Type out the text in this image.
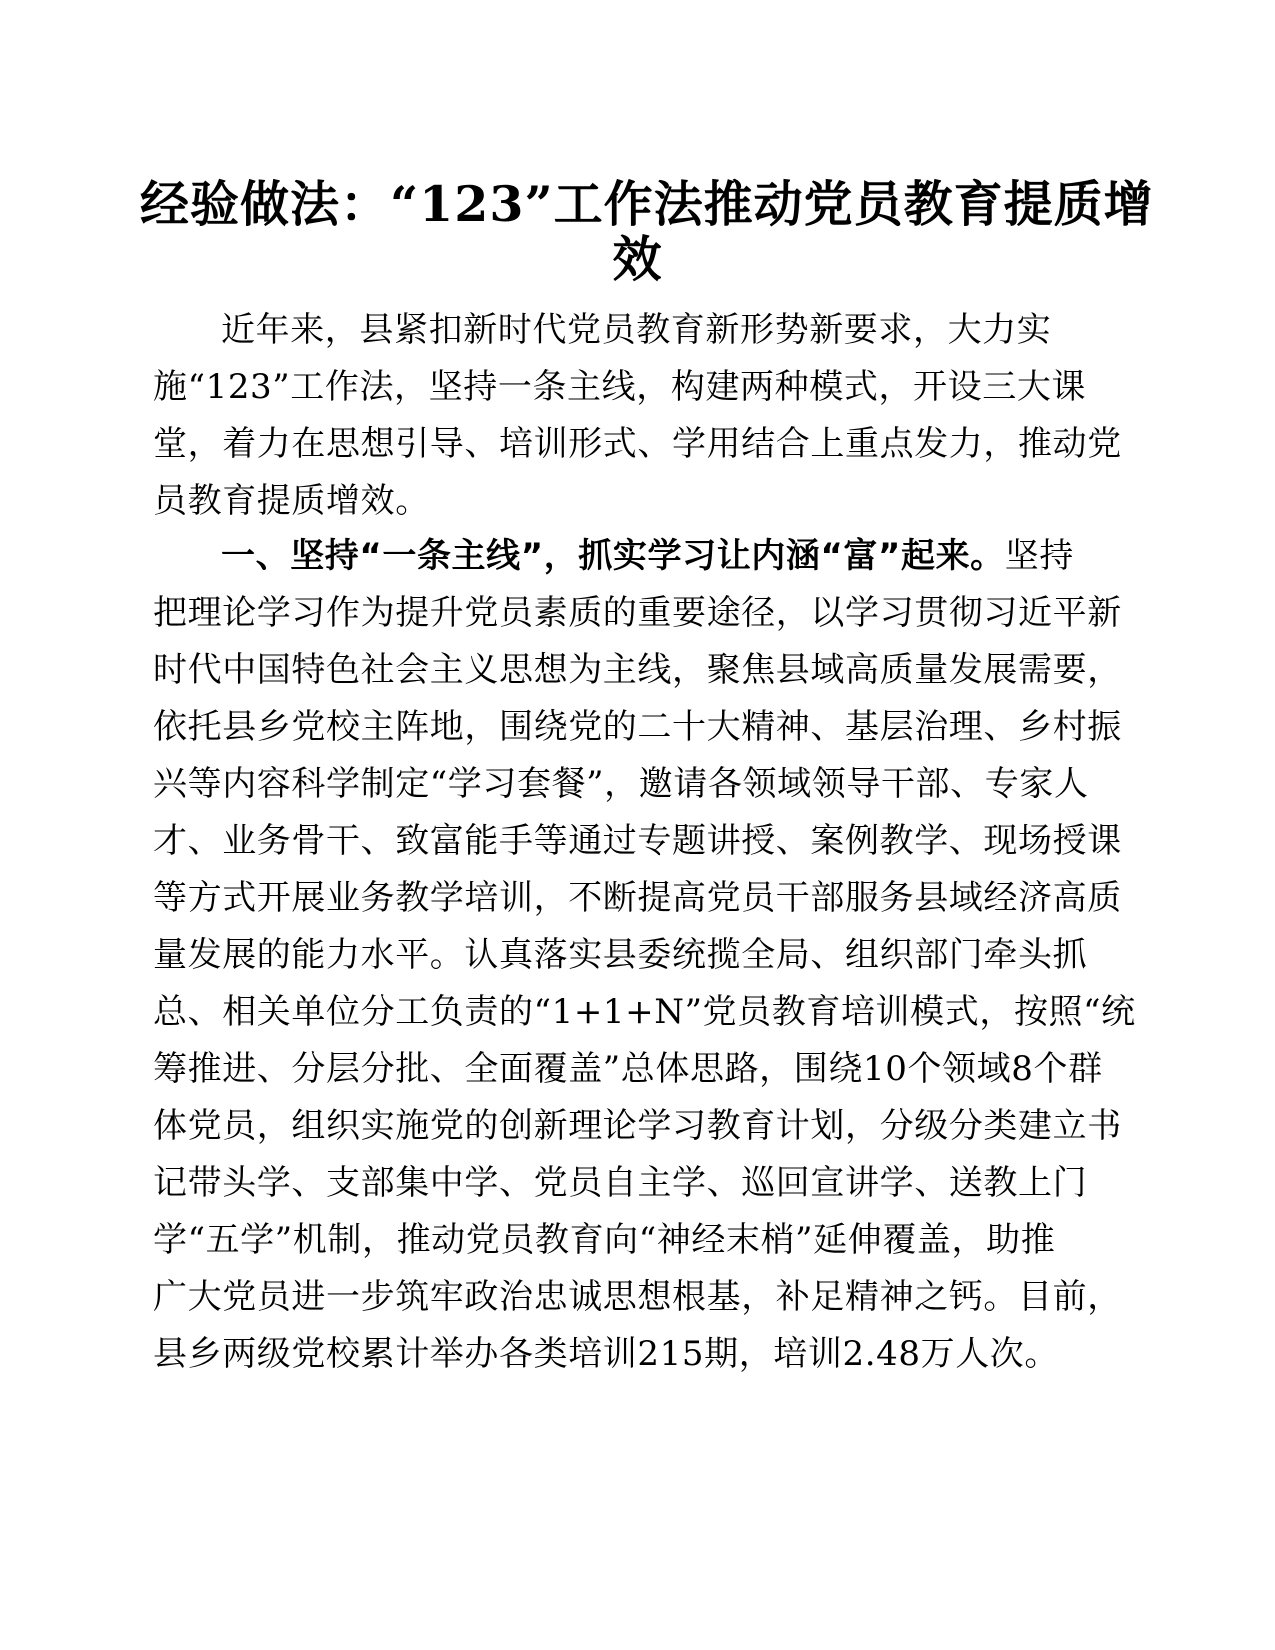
经验做法：“123”工作法推动党员教育提质增
效
近年来，县紧扣新时代党员教育新形势新要求，大力实
施“123”工作法，坚持一条主线，构建两种模式，开设三大课
堂，着力在思想引导、培训形式、学用结合上重点发力，推动党
员教育提质增效。
一、坚持“一条主线”，抓实学习让内涵“富”起来。坚持
把理论学习作为提升党员素质的重要途径，以学习贯彻习近平新
时代中国特色社会主义思想为主线，聚焦县域高质量发展需要，
依托县乡党校主阵地，围绕党的二十大精神、基层治理、乡村振
兴等内容科学制定“学习套餐”，邀请各领域领导干部、专家人
才、业务骨干、致富能手等通过专题讲授、案例教学、现场授课
等方式开展业务教学培训，不断提高党员干部服务县域经济高质
量发展的能力水平。认真落实县委统揽全局、组织部门牵头抓
总、相关单位分工负责的“1+1+N”党员教育培训模式，按照“统
筹推进、分层分批、全面覆盖”总体思路，围绕10个领域8个群
体党员，组织实施党的创新理论学习教育计划，分级分类建立书
记带头学、支部集中学、党员自主学、巡回宣讲学、送教上门
学“五学”机制，推动党员教育向“神经末梢”延伸覆盖，助推
广大党员进一步筑牢政治忠诚思想根基，补足精神之钙。目前，
县乡两级党校累计举办各类培训215期，培训2.48万人次。
